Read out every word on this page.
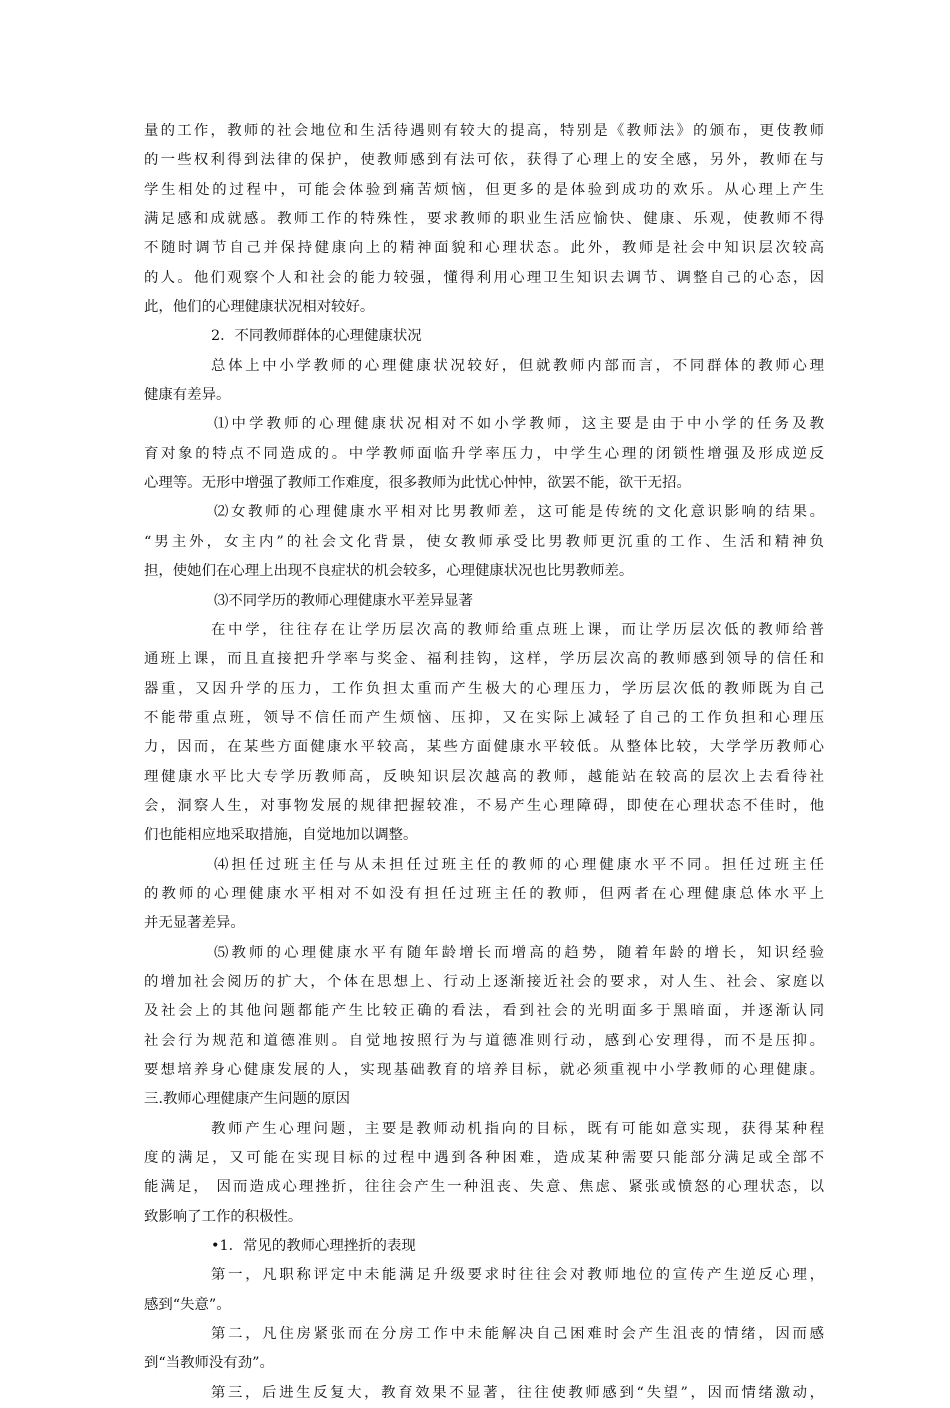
量的工作，教师的社会地位和生活待遇则有较大的提高，特别是《教师法》的颁布，更伎教师
的一些权利得到法律的保护，使教师感到有法可依，获得了心理上的安全感，另外，教师在与
学生相处的过程中，可能会体验到痛苦烦恼，但更多的是体验到成功的欢乐。从心理上产生
满足感和成就感。教师工作的特殊性，要求教师的职业生活应愉快、健康、乐观，使教师不得
不随时调节自己并保持健康向上的精神面貌和心理状态。此外，教师是社会中知识层次较高
的人。他们观察个人和社会的能力较强，懂得利用心理卫生知识去调节、调整自己的心态，因
此，他们的心理健康状况相对较好。
2．不同教师群体的心理健康状况
总体上中小学教师的心理健康状况较好，但就教师内部而言，不同群体的教师心理
健康有差异。
⑴中学教师的心理健康状况相对不如小学教师，这主要是由于中小学的任务及教
育对象的特点不同造成的。中学教师面临升学率压力，中学生心理的闭锁性增强及形成逆反
心理等。无形中增强了教师工作难度，很多教师为此忧心忡忡，欲罢不能，欲干无招。
⑵女教师的心理健康水平相对比男教师差，这可能是传统的文化意识影响的结果。
“男主外，女主内”的社会文化背景，使女教师承受比男教师更沉重的工作、生活和精神负
担，使她们在心理上出现不良症状的机会较多，心理健康状况也比男教师差。
⑶不同学历的教师心理健康水平差异显著
在中学，往往存在让学历层次高的教师给重点班上课，而让学历层次低的教师给普
通班上课，而且直接把升学率与奖金、福利挂钩，这样，学历层次高的教师感到领导的信任和
器重，又因升学的压力，工作负担太重而产生极大的心理压力，学历层次低的教师既为自己
不能带重点班，领导不信任而产生烦恼、压抑，又在实际上减轻了自己的工作负担和心理压
力，因而，在某些方面健康水平较高，某些方面健康水平较低。从整体比较，大学学历教师心
理健康水平比大专学历教师高，反映知识层次越高的教师，越能站在较高的层次上去看待社
会，洞察人生，对事物发展的规律把握较准，不易产生心理障碍，即使在心理状态不佳时，他
们也能相应地采取措施，自觉地加以调整。
⑷担任过班主任与从未担任过班主任的教师的心理健康水平不同。担任过班主任
的教师的心理健康水平相对不如没有担任过班主任的教师，但两者在心理健康总体水平上
并无显著差异。
⑸教师的心理健康水平有随年龄增长而增高的趋势，随着年龄的增长，知识经验
的增加社会阅历的扩大，个体在思想上、行动上逐渐接近社会的要求，对人生、社会、家庭以
及社会上的其他问题都能产生比较正确的看法，看到社会的光明面多于黑暗面，并逐渐认同
社会行为规范和道德准则。自觉地按照行为与道德准则行动，感到心安理得，而不是压抑。
要想培养身心健康发展的人，实现基础教育的培养目标，就必须重视中小学教师的心理健康。
三.教师心理健康产生问题的原因
教师产生心理问题，主要是教师动机指向的目标，既有可能如意实现，获得某种程
度的满足，又可能在实现目标的过程中遇到各种困难，造成某种需要只能部分满足或全部不
能满足， 因而造成心理挫折，往往会产生一种沮丧、失意、焦虑、紧张或愤怒的心理状态，以
致影响了工作的积极性。
•1．常见的教师心理挫折的表现
第一，凡职称评定中未能满足升级要求时往往会对教师地位的宣传产生逆反心理，
感到“失意”。
第二，凡住房紧张而在分房工作中未能解决自己困难时会产生沮丧的情绪，因而感
到“当教师没有劲”。
第三，后进生反复大，教育效果不显著，往往使教师感到“失望”，因而情绪激动，
